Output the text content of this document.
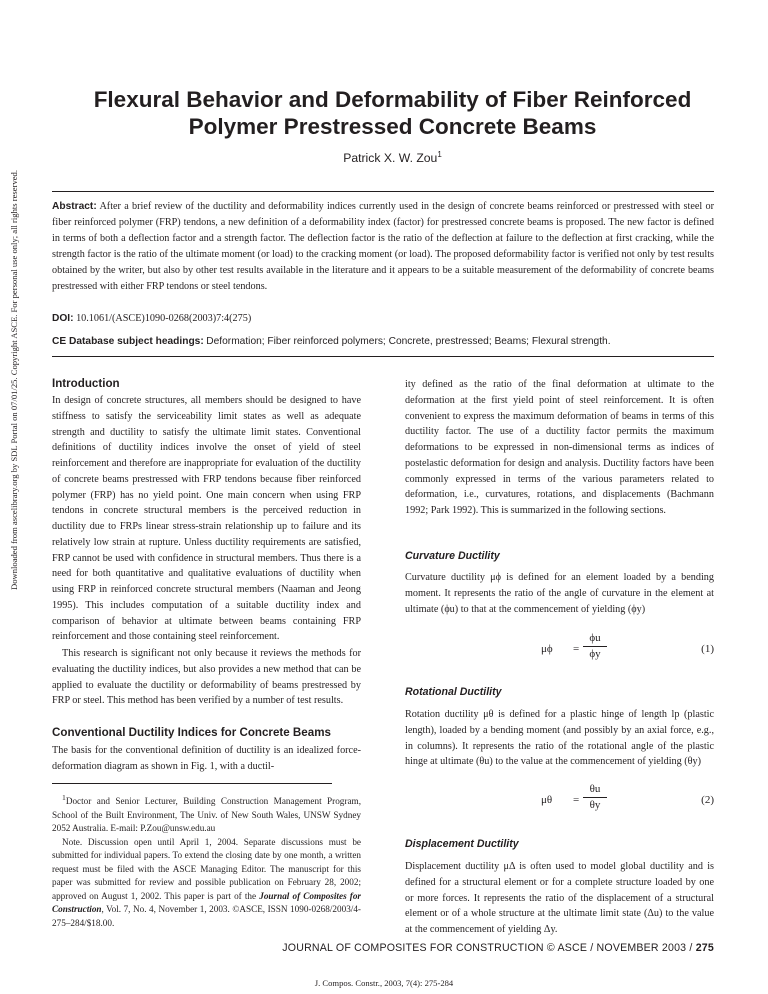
Downloaded from ascelibrary.org by SDL Portal on 07/01/25. Copyright ASCE. For personal use only; all rights reserved.
Flexural Behavior and Deformability of Fiber Reinforced Polymer Prestressed Concrete Beams
Patrick X. W. Zou$^1$

Abstract: After a brief review of the ductility and deformability indices currently used in the design of concrete beams reinforced or prestressed with steel or fiber reinforced polymer (FRP) tendons, a new definition of a deformability index (factor) for prestressed concrete beams is proposed. The new factor is defined in terms of both a deflection factor and a strength factor. The deflection factor is the ratio of the deflection at failure to the deflection at first cracking, while the strength factor is the ratio of the ultimate moment (or load) to the cracking moment (or load). The proposed deformability factor is verified not only by test results obtained by the writer, but also by other test results available in the literature and it appears to be a suitable measurement of the deformability of concrete beams prestressed with either FRP tendons or steel tendons.

DOI: 10.1061/(ASCE)1090-0268(2003)7:4(275)
CE Database subject headings: Deformation; Fiber reinforced polymers; Concrete, prestressed; Beams; Flexural strength.
Introduction

In design of concrete structures, all members should be designed to have stiffness to satisfy the serviceability limit states as well as adequate strength and ductility to satisfy the ultimate limit states. Conventional definitions of ductility indices involve the onset of yield of steel reinforcement and therefore are inappropriate for evaluation of the ductility of concrete beams prestressed with FRP tendons because fiber reinforced polymer (FRP) has no yield point. One main concern when using FRP tendons in concrete structural members is the perceived reduction in ductility due to FRPs linear stress-strain relationship up to failure and its relatively low strain at rupture. Unless ductility requirements are satisfied, FRP cannot be used with confidence in structural members. Thus there is a need for both quantitative and qualitative evaluations of ductility when using FRP in reinforced concrete structural members (Naaman and Jeong 1995). This includes computation of a suitable ductility index and comparison of behavior at ultimate between beams containing FRP reinforcement and those containing steel reinforcement.

This research is significant not only because it reviews the methods for evaluating the ductility indices, but also provides a new method that can be applied to evaluate the ductility or deformability of beams prestressed by FRP or steel. This method has been verified by a number of test results.

Conventional Ductility Indices for Concrete Beams

The basis for the conventional definition of ductility is an idealized force-deformation diagram as shown in Fig. 1, with a ductil-

$^1$Doctor and Senior Lecturer, Building Construction Management Program, School of the Built Environment, The Univ. of New South Wales, UNSW Sydney 2052 Australia. E-mail: P.Zou@unsw.edu.au
Note. Discussion open until April 1, 2004. Separate discussions must be submitted for individual papers. To extend the closing date by one month, a written request must be filed with the ASCE Managing Editor. The manuscript for this paper was submitted for review and possible publication on February 28, 2002; approved on August 1, 2002. This paper is part of the Journal of Composites for Construction, Vol. 7, No. 4, November 1, 2003. ©ASCE, ISSN 1090-0268/2003/4-275–284/$18.00.

ity defined as the ratio of the final deformation at ultimate to the deformation at the first yield point of steel reinforcement. It is often convenient to express the maximum deformation of beams in terms of this ductility factor. The use of a ductility factor permits the maximum deformations to be expressed in non-dimensional terms as indices of postelastic deformation for design and analysis. Ductility factors have been commonly expressed in terms of the various parameters related to deformation, i.e., curvatures, rotations, and displacements (Bachmann 1992; Park 1992). This is summarized in the following sections.

Curvature Ductility

Curvature ductility μϕ is defined for an element loaded by a bending moment. It represents the ratio of the angle of curvature in the element at ultimate (ϕu) to that at the commencement of yielding (ϕy)

$\mu\phi = \frac{\phi u}{\phi y}$	(1)
Rotational Ductility

Rotation ductility μθ is defined for a plastic hinge of length lp (plastic length), loaded by a bending moment (and possibly by an axial force, e.g., in columns). It represents the ratio of the rotational angle of the plastic hinge at ultimate (θu) to the value at the commencement of yielding (θy)

$\mu\theta = \frac{\theta u}{\theta y}$	(2)
Displacement Ductility

Displacement ductility μΔ is often used to model global ductility and is defined for a structural element or for a complete structure loaded by one or more forces. It represents the ratio of the displacement of a structural element or of a whole structure at the ultimate limit state (Δu) to the value at the commencement of yielding Δy.

JOURNAL OF COMPOSITES FOR CONSTRUCTION © ASCE / NOVEMBER 2003 / 275
J. Compos. Constr., 2003, 7(4): 275-284
